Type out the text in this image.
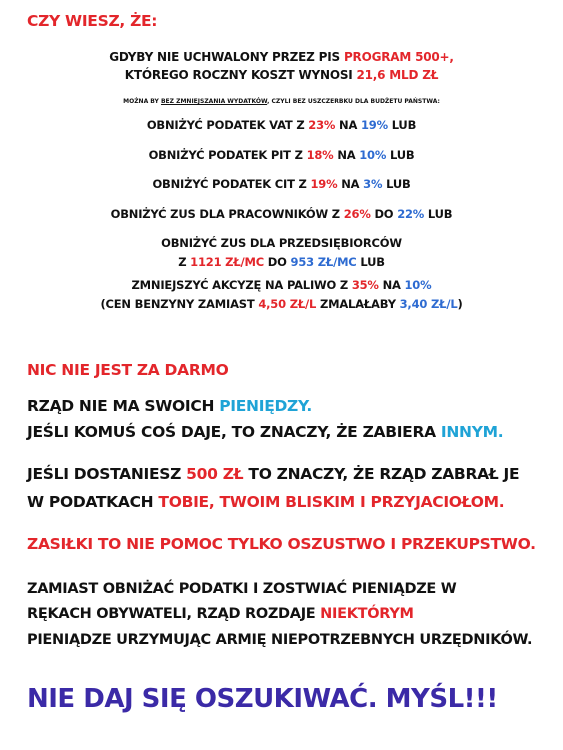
CZY WIESZ, ŻE:
GDYBY NIE UCHWALONY PRZEZ PIS PROGRAM 500+,
KTÓREGO ROCZNY KOSZT WYNOSI 21,6 MLD ZŁ
MOŻNA BY BEZ ZMNIEJSZANIA WYDATKÓW, CZYLI BEZ USZCZERBKU DLA BUDŻETU PAŃSTWA:
OBNIŻYĆ PODATEK VAT Z 23% NA 19% LUB
OBNIŻYĆ PODATEK PIT Z 18% NA 10% LUB
OBNIŻYĆ PODATEK CIT Z 19% NA 3% LUB
OBNIŻYĆ ZUS DLA PRACOWNIKÓW Z 26% DO 22% LUB
OBNIŻYĆ ZUS DLA PRZEDSIĘBIORCÓW
Z 1121 ZŁ/MC DO 953 ZŁ/MC LUB
ZMNIEJSZYĆ AKCYZĘ NA PALIWO Z 35% NA 10%
(CEN BENZYNY ZAMIAST 4,50 ZŁ/L ZMALAŁABY 3,40 ZŁ/L)
NIC NIE JEST ZA DARMO
RZĄD NIE MA SWOICH PIENIĘDZY.
JEŚLI KOMUŚ COŚ DAJE, TO ZNACZY, ŻE ZABIERA INNYM.
JEŚLI DOSTANIESZ 500 ZŁ TO ZNACZY, ŻE RZĄD ZABRAŁ JE
W PODATKACH TOBIE, TWOIM BLISKIM I PRZYJACIOŁOM.
ZASIŁKI TO NIE POMOC TYLKO OSZUSTWO I PRZEKUPSTWO.
ZAMIAST OBNIŻAĆ PODATKI I ZOSTWIAĆ PIENIĄDZE W
RĘKACH OBYWATELI, RZĄD ROZDAJE NIEKTÓRYM
PIENIĄDZE URZYMUJĄC ARMIĘ NIEPOTRZEBNYCH URZĘDNIKÓW.
NIE DAJ SIĘ OSZUKIWAĆ. MYŚL!!!
